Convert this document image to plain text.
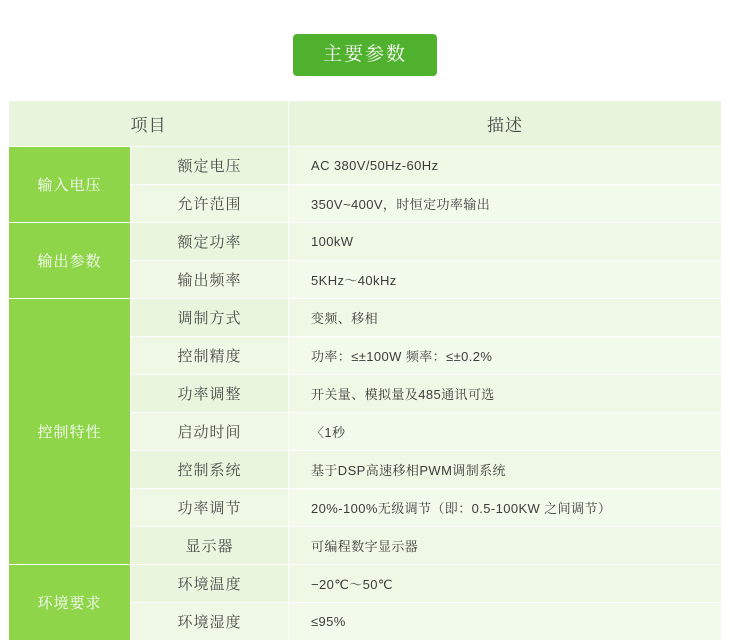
主要参数
项目		描述
输入电压	额定电压	AC 380V/50Hz-60Hz
	允许范围	350V~400V，时恒定功率输出
输出参数	额定功率	100kW
	输出频率	5KHz～40kHz
控制特性	调制方式	变频、移相
	控制精度	功率：≤±100W 频率：≤±0.2%
	功率调整	开关量、模拟量及485通讯可选
	启动时间	〈1秒
	控制系统	基于DSP高速移相PWM调制系统
	功率调节	20%-100%无级调节（即：0.5-100KW 之间调节）
	显示器	可编程数字显示器
环境要求	环境温度	−20℃～50℃
	环境湿度	≤95%
